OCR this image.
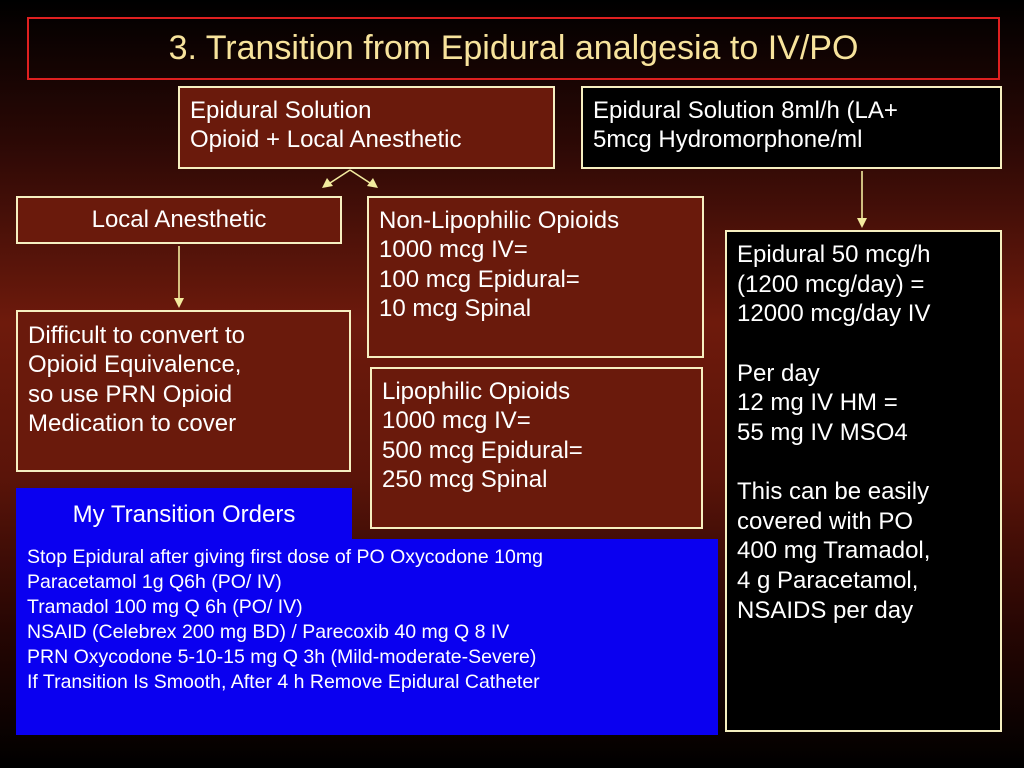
3. Transition from Epidural analgesia to IV/PO
Epidural Solution
Opioid + Local Anesthetic
Epidural Solution 8ml/h (LA+
5mcg Hydromorphone/ml
Local Anesthetic	Non-Lipophilic Opioids
1000 mcg IV=
100 mcg Epidural=
10 mcg Spinal
Difficult to convert to
Opioid Equivalence,
so use PRN Opioid
Medication to cover
Lipophilic Opioids
1000 mcg IV=
500 mcg Epidural=
250 mcg Spinal
Epidural 50 mcg/h
(1200 mcg/day) =
12000 mcg/day IV

Per day
12 mg IV HM =
55 mg IV MSO4

This can be easily
covered with PO
400 mg Tramadol,
4 g Paracetamol,
NSAIDS per day
My Transition Orders
Stop Epidural after giving first dose of PO Oxycodone 10mg
Paracetamol 1g Q6h (PO/ IV)
Tramadol 100 mg Q 6h (PO/ IV)
NSAID (Celebrex 200 mg BD) / Parecoxib 40 mg Q 8 IV
PRN Oxycodone 5-10-15 mg Q 3h (Mild-moderate-Severe)
If Transition Is Smooth, After 4 h Remove Epidural Catheter
